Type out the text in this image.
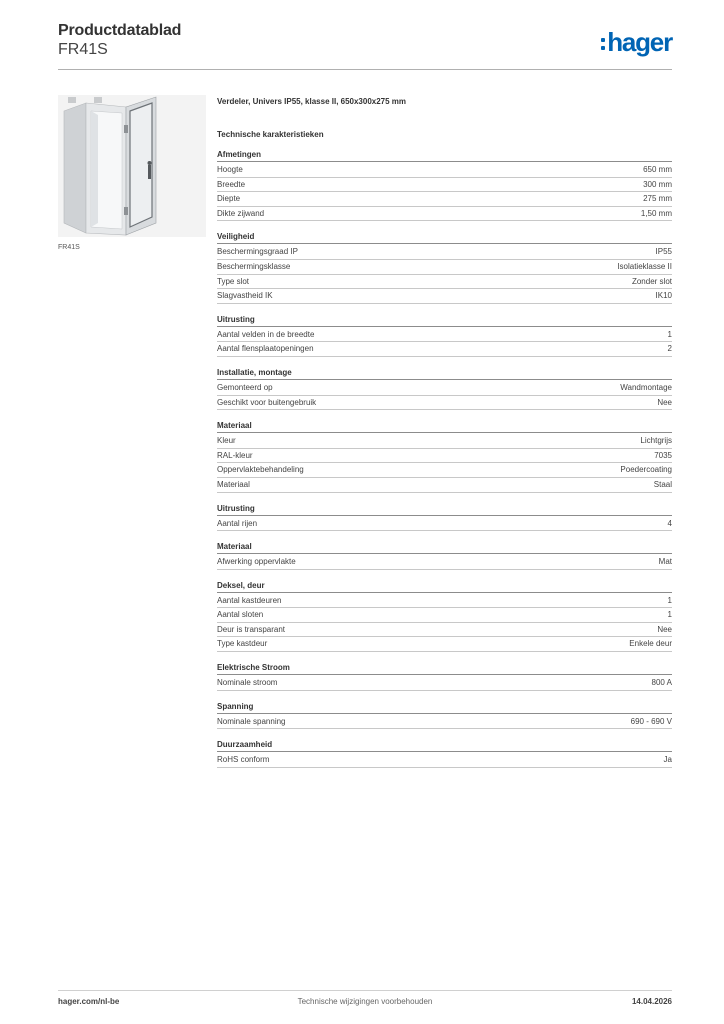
Productdatablad
FR41S	hager
FR41S
Verdeler, Univers IP55, klasse II, 650x300x275 mm
Technische karakteristieken
Afmetingen
Hoogte	650 mm
Breedte	300 mm
Diepte	275 mm
Dikte zijwand	1,50 mm
Veiligheid
Beschermingsgraad IP	IP55
Beschermingsklasse	Isolatieklasse II
Type slot	Zonder slot
Slagvastheid IK	IK10
Uitrusting
Aantal velden in de breedte	1
Aantal flensplaatopeningen	2
Installatie, montage
Gemonteerd op	Wandmontage
Geschikt voor buitengebruik	Nee
Materiaal
Kleur	Lichtgrijs
RAL-kleur	7035
Oppervlaktebehandeling	Poedercoating
Materiaal	Staal
Uitrusting
Aantal rijen	4
Materiaal
Afwerking oppervlakte	Mat
Deksel, deur
Aantal kastdeuren	1
Aantal sloten	1
Deur is transparant	Nee
Type kastdeur	Enkele deur
Elektrische Stroom
Nominale stroom	800 A
Spanning
Nominale spanning	690 - 690 V
Duurzaamheid
RoHS conform	Ja
hager.com/nl-be	Technische wijzigingen voorbehouden	14.04.2026
